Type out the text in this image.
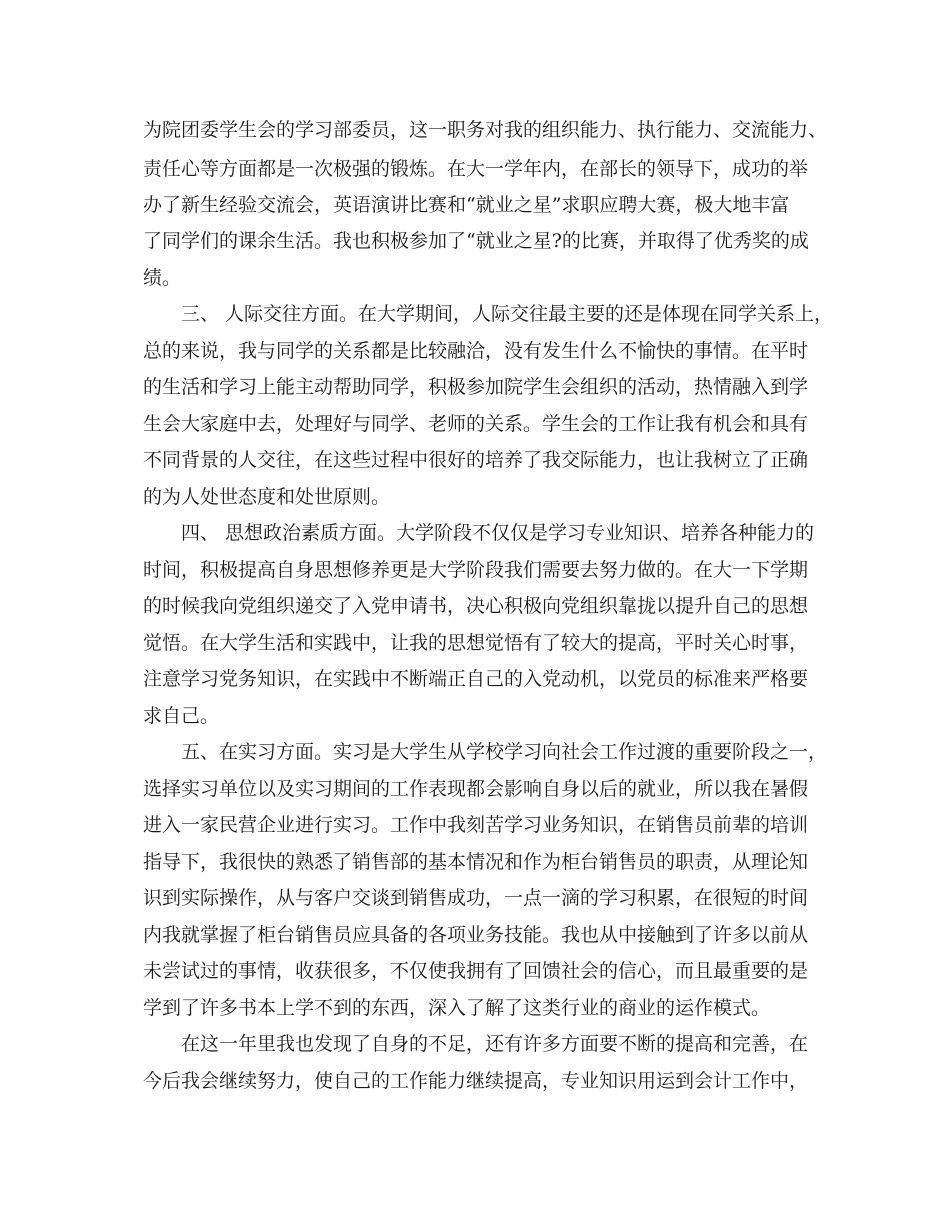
为院团委学生会的学习部委员，这一职务对我的组织能力、执行能力、交流能力、
责任心等方面都是一次极强的锻炼。在大一学年内，在部长的领导下，成功的举
办了新生经验交流会，英语演讲比赛和“就业之星”求职应聘大赛，极大地丰富
了同学们的课余生活。我也积极参加了“就业之星?的比赛，并取得了优秀奖的成
绩。
三、 人际交往方面。在大学期间，人际交往最主要的还是体现在同学关系上，
总的来说，我与同学的关系都是比较融洽，没有发生什么不愉快的事情。在平时
的生活和学习上能主动帮助同学，积极参加院学生会组织的活动，热情融入到学
生会大家庭中去，处理好与同学、老师的关系。学生会的工作让我有机会和具有
不同背景的人交往，在这些过程中很好的培养了我交际能力，也让我树立了正确
的为人处世态度和处世原则。
四、 思想政治素质方面。大学阶段不仅仅是学习专业知识、培养各种能力的
时间，积极提高自身思想修养更是大学阶段我们需要去努力做的。在大一下学期
的时候我向党组织递交了入党申请书，决心积极向党组织靠拢以提升自己的思想
觉悟。在大学生活和实践中，让我的思想觉悟有了较大的提高，平时关心时事，
注意学习党务知识，在实践中不断端正自己的入党动机，以党员的标准来严格要
求自己。
五、在实习方面。实习是大学生从学校学习向社会工作过渡的重要阶段之一，
选择实习单位以及实习期间的工作表现都会影响自身以后的就业，所以我在暑假
进入一家民营企业进行实习。工作中我刻苦学习业务知识，在销售员前辈的培训
指导下，我很快的熟悉了销售部的基本情况和作为柜台销售员的职责，从理论知
识到实际操作，从与客户交谈到销售成功，一点一滴的学习积累，在很短的时间
内我就掌握了柜台销售员应具备的各项业务技能。我也从中接触到了许多以前从
未尝试过的事情，收获很多，不仅使我拥有了回馈社会的信心，而且最重要的是
学到了许多书本上学不到的东西，深入了解了这类行业的商业的运作模式。
在这一年里我也发现了自身的不足，还有许多方面要不断的提高和完善，在
今后我会继续努力，使自己的工作能力继续提高，专业知识用运到会计工作中，
